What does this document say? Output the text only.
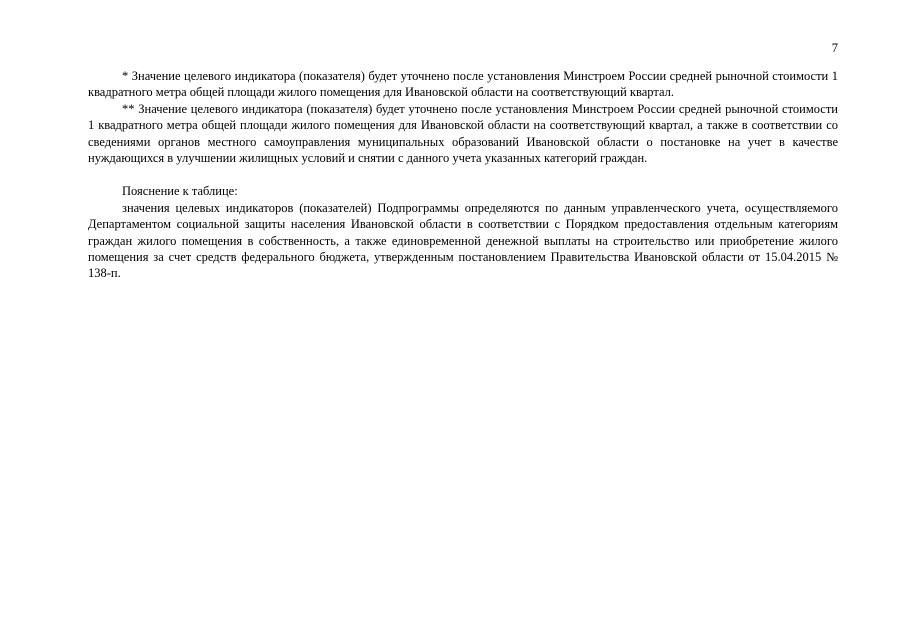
7

* Значение целевого индикатора (показателя) будет уточнено после установления Минстроем России средней рыночной стоимости 1 квадратного метра общей площади жилого помещения для Ивановской области на соответствующий квартал.

** Значение целевого индикатора (показателя) будет уточнено после установления Минстроем России средней рыночной стоимости 1 квадратного метра общей площади жилого помещения для Ивановской области на соответствующий квартал, а также в соответствии со сведениями органов местного самоуправления муниципальных образований Ивановской области о постановке на учет в качестве нуждающихся в улучшении жилищных условий и снятии с данного учета указанных категорий граждан.

Пояснение к таблице:

значения целевых индикаторов (показателей) Подпрограммы определяются по данным управленческого учета, осуществляемого Департаментом социальной защиты населения Ивановской области в соответствии с Порядком предоставления отдельным категориям граждан жилого помещения в собственность, а также единовременной денежной выплаты на строительство или приобретение жилого помещения за счет средств федерального бюджета, утвержденным постановлением Правительства Ивановской области от 15.04.2015 № 138-п.
